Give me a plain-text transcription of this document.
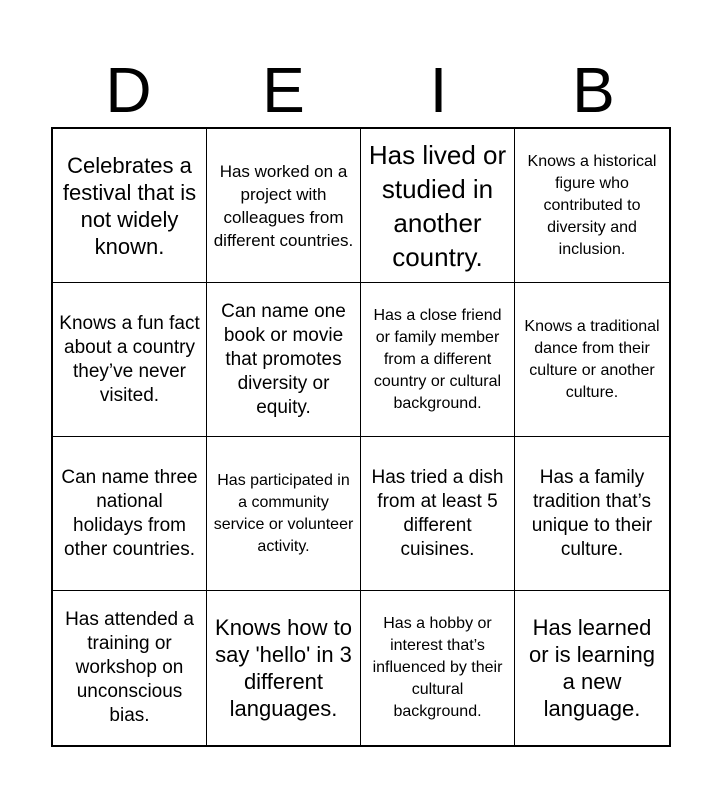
D	E	I	B
Celebrates a festival that is not widely known.
Has worked on a project with colleagues from different countries.
Has lived or studied in another country.
Knows a historical figure who contributed to diversity and inclusion.
Knows a fun fact about a country they’ve never visited.
Can name one book or movie that promotes diversity or equity.
Has a close friend or family member from a different country or cultural background.
Knows a traditional dance from their culture or another culture.
Can name three national holidays from other countries.
Has participated in a community service or volunteer activity.
Has tried a dish from at least 5 different cuisines.
Has a family tradition that’s unique to their culture.
Has attended a training or workshop on unconscious bias.
Knows how to say 'hello' in 3 different languages.
Has a hobby or interest that’s influenced by their cultural background.
Has learned or is learning a new language.
